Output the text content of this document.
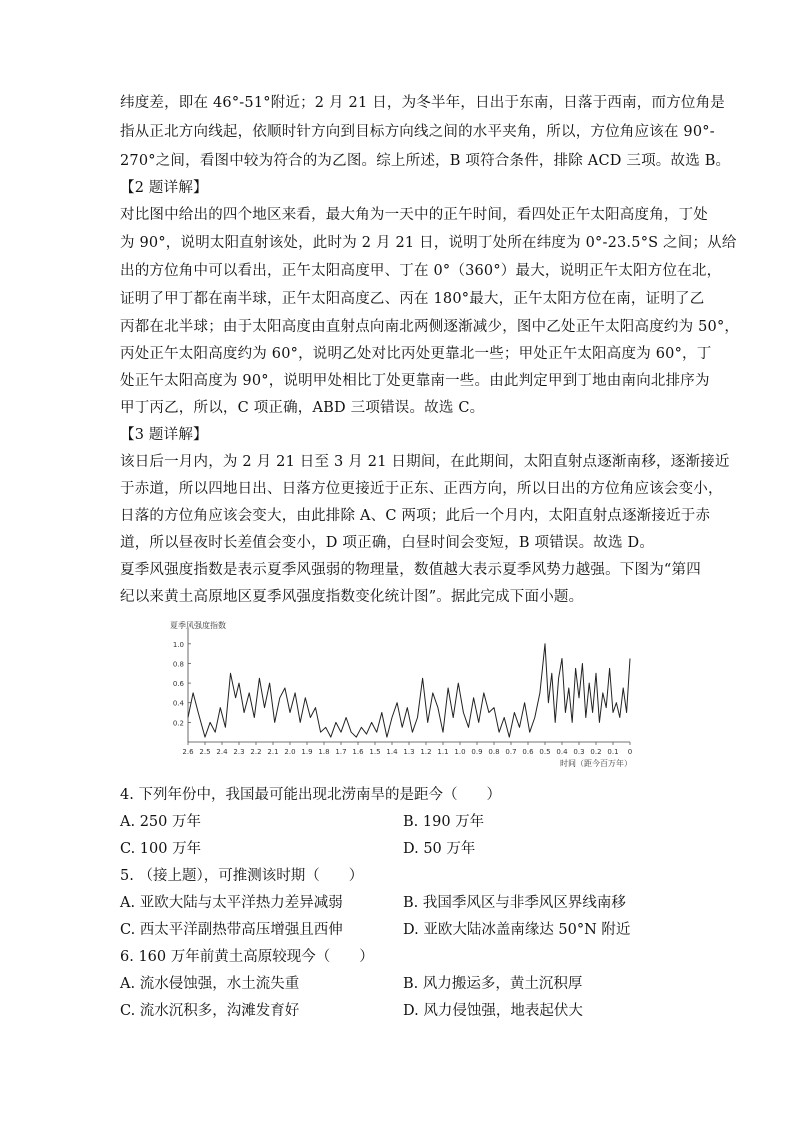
纬度差，即在 46°-51°附近；2 月 21 日，为冬半年，日出于东南，日落于西南，而方位角是
指从正北方向线起，依顺时针方向到目标方向线之间的水平夹角，所以，方位角应该在 90°-
270°之间，看图中较为符合的为乙图。综上所述，B 项符合条件，排除 ACD 三项。故选 B。
【2 题详解】
对比图中给出的四个地区来看，最大角为一天中的正午时间，看四处正午太阳高度角，丁处
为 90°，说明太阳直射该处，此时为 2 月 21 日，说明丁处所在纬度为 0°-23.5°S 之间；从给
出的方位角中可以看出，正午太阳高度甲、丁在 0°（360°）最大，说明正午太阳方位在北，
证明了甲丁都在南半球，正午太阳高度乙、丙在 180°最大，正午太阳方位在南，证明了乙
丙都在北半球；由于太阳高度由直射点向南北两侧逐渐减少，图中乙处正午太阳高度约为 50°，
丙处正午太阳高度约为 60°，说明乙处对比丙处更靠北一些；甲处正午太阳高度为 60°，丁
处正午太阳高度为 90°，说明甲处相比丁处更靠南一些。由此判定甲到丁地由南向北排序为
甲丁丙乙，所以，C 项正确，ABD 三项错误。故选 C。
【3 题详解】
该日后一月内，为 2 月 21 日至 3 月 21 日期间，在此期间，太阳直射点逐渐南移，逐渐接近
于赤道，所以四地日出、日落方位更接近于正东、正西方向，所以日出的方位角应该会变小，
日落的方位角应该会变大，由此排除 A、C 两项；此后一个月内，太阳直射点逐渐接近于赤
道，所以昼夜时长差值会变小，D 项正确，白昼时间会变短，B 项错误。故选 D。
夏季风强度指数是表示夏季风强弱的物理量，数值越大表示夏季风势力越强。下图为“第四
纪以来黄土高原地区夏季风强度指数变化统计图”。据此完成下面小题。
夏季风强度指数
时间（距今百万年）
0.2
0.4
0.6
0.8
1.0
2.6 2.5 2.4 2.3 2.2 2.1 2.0 1.9 1.8 1.7 1.6 1.5 1.4 1.3 1.2 1.1 1.0 0.9 0.8 0.7 0.6 0.5 0.4 0.3 0.2 0.1 0
4. 下列年份中，我国最可能出现北涝南旱的是距今（　　）
A. 250 万年	B. 190 万年
C. 100 万年	D. 50 万年
5. （接上题），可推测该时期（　　）
A. 亚欧大陆与太平洋热力差异减弱	B. 我国季风区与非季风区界线南移
C. 西太平洋副热带高压增强且西伸	D. 亚欧大陆冰盖南缘达 50°N 附近
6. 160 万年前黄土高原较现今（　　）
A. 流水侵蚀强，水土流失重	B. 风力搬运多，黄土沉积厚
C. 流水沉积多，沟滩发育好	D. 风力侵蚀强，地表起伏大
